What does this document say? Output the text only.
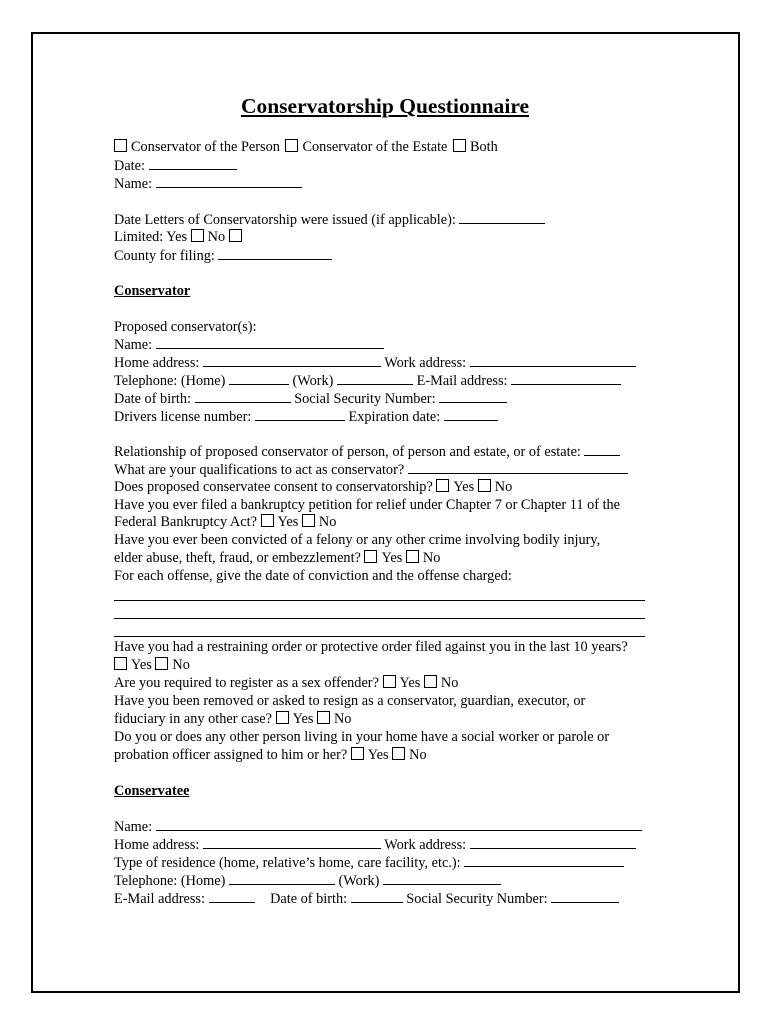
Conservatorship Questionnaire
Conservator of the Person Conservator of the Estate Both
Date:
Name:
Date Letters of Conservatorship were issued (if applicable):
Limited: Yes No
County for filing:
Conservator
Proposed conservator(s):
Name:
Home address:	Work address:
Telephone: (Home)	(Work)	E-Mail address:
Date of birth:	Social Security Number:
Drivers license number:	Expiration date:
Relationship of proposed conservator of person, of person and estate, or of estate:
What are your qualifications to act as conservator?
Does proposed conservatee consent to conservatorship? Yes No
Have you ever filed a bankruptcy petition for relief under Chapter 7 or Chapter 11 of the
Federal Bankruptcy Act? Yes No
Have you ever been convicted of a felony or any other crime involving bodily injury,
elder abuse, theft, fraud, or embezzlement? Yes No
For each offense, give the date of conviction and the offense charged:
Have you had a restraining order or protective order filed against you in the last 10 years?
Yes No
Are you required to register as a sex offender? Yes No
Have you been removed or asked to resign as a conservator, guardian, executor, or
fiduciary in any other case? Yes No
Do you or does any other person living in your home have a social worker or parole or
probation officer assigned to him or her? Yes No
Conservatee
Name:
Home address:	Work address:
Type of residence (home, relative’s home, care facility, etc.):
Telephone: (Home)	(Work)
E-Mail address:	Date of birth:	Social Security Number:
